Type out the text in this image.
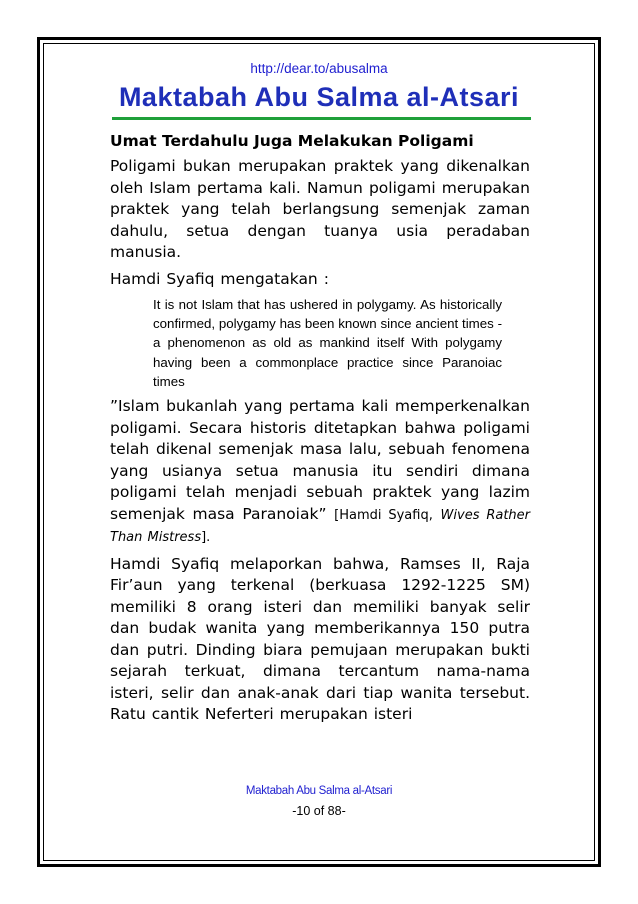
http://dear.to/abusalma
Maktabah Abu Salma al-Atsari
Umat Terdahulu Juga Melakukan Poligami

Poligami bukan merupakan praktek yang dikenalkan oleh Islam pertama kali. Namun poligami merupakan praktek yang telah berlangsung semenjak zaman dahulu, setua dengan tuanya usia peradaban manusia.

Hamdi Syafiq mengatakan :

It is not Islam that has ushered in polygamy. As historically confirmed, polygamy has been known since ancient times - a phenomenon as old as mankind itself With polygamy having been a commonplace practice since Paranoiac times

”Islam bukanlah yang pertama kali memperkenalkan poligami. Secara historis ditetapkan bahwa poligami telah dikenal semenjak masa lalu, sebuah fenomena yang usianya setua manusia itu sendiri dimana poligami telah menjadi sebuah praktek yang lazim semenjak masa Paranoiak” [Hamdi Syafiq, Wives Rather Than Mistress].

Hamdi Syafiq melaporkan bahwa, Ramses II, Raja Fir’aun yang terkenal (berkuasa 1292-1225 SM) memiliki 8 orang isteri dan memiliki banyak selir dan budak wanita yang memberikannya 150 putra dan putri. Dinding biara pemujaan merupakan bukti sejarah terkuat, dimana tercantum nama-nama isteri, selir dan anak-anak dari tiap wanita tersebut. Ratu cantik Neferteri merupakan isteri

Maktabah Abu Salma al-Atsari
-10 of 88-
